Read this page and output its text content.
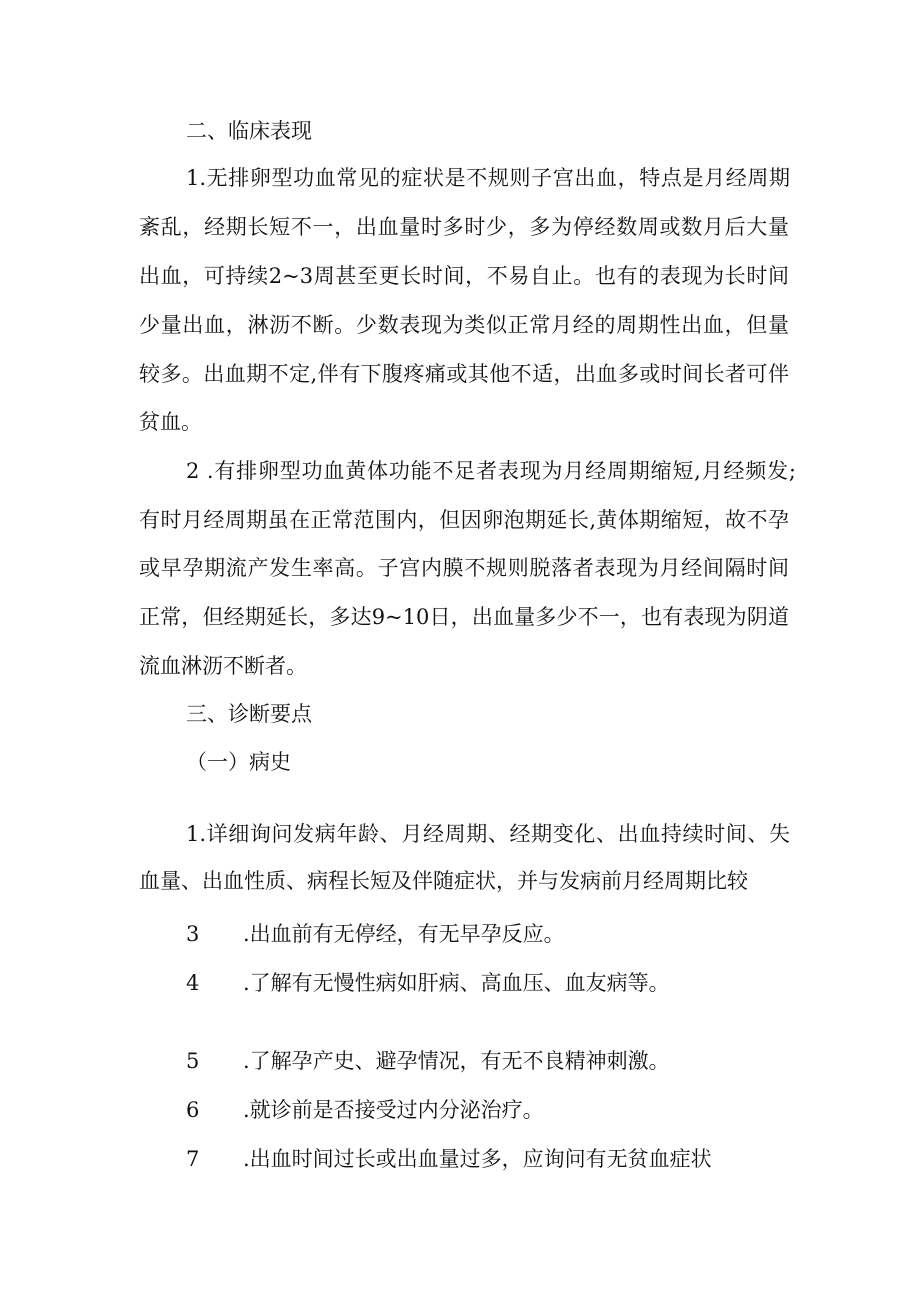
二、临床表现
1.无排卵型功血常见的症状是不规则子宫出血，特点是月经周期
紊乱，经期长短不一，出血量时多时少，多为停经数周或数月后大量
出血，可持续2~3周甚至更长时间，不易自止。也有的表现为长时间
少量出血，淋沥不断。少数表现为类似正常月经的周期性出血，但量
较多。出血期不定,伴有下腹疼痛或其他不适，出血多或时间长者可伴
贫血。
2 .有排卵型功血黄体功能不足者表现为月经周期缩短,月经频发;
有时月经周期虽在正常范围内，但因卵泡期延长,黄体期缩短，故不孕
或早孕期流产发生率高。子宫内膜不规则脱落者表现为月经间隔时间
正常，但经期延长，多达9~10日，出血量多少不一，也有表现为阴道
流血淋沥不断者。
三、诊断要点
（一）病史
1.详细询问发病年龄、月经周期、经期变化、出血持续时间、失
血量、出血性质、病程长短及伴随症状，并与发病前月经周期比较
3 .出血前有无停经，有无早孕反应。
4 .了解有无慢性病如肝病、高血压、血友病等。
5 .了解孕产史、避孕情况，有无不良精神刺激。
6 .就诊前是否接受过内分泌治疗。
7 .出血时间过长或出血量过多，应询问有无贫血症状
